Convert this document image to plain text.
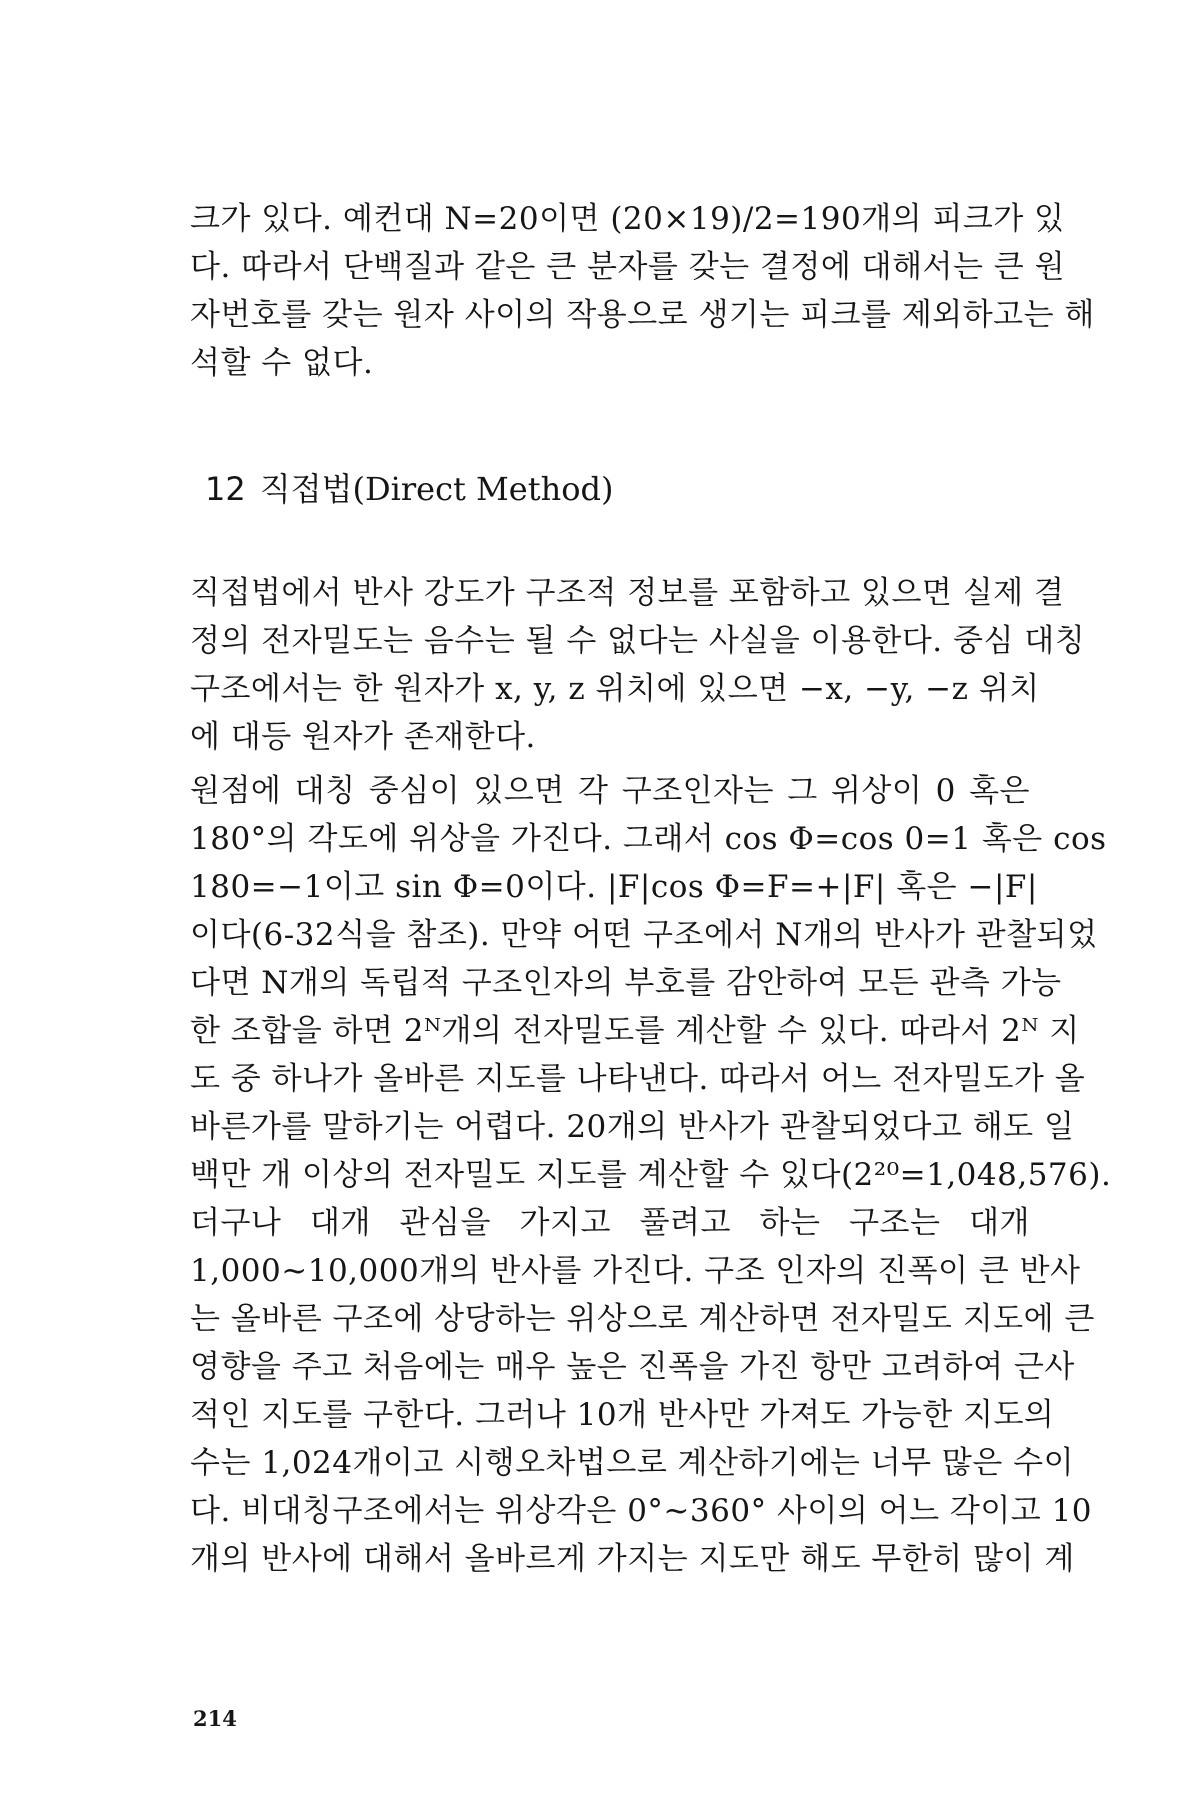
크가 있다. 예컨대 N=20이면 (20×19)/2=190개의 피크가 있
다. 따라서 단백질과 같은 큰 분자를 갖는 결정에 대해서는 큰 원
자번호를 갖는 원자 사이의 작용으로 생기는 피크를 제외하고는 해
석할 수 없다.
12 직접법(Direct Method)
직접법에서 반사 강도가 구조적 정보를 포함하고 있으면 실제 결
정의 전자밀도는 음수는 될 수 없다는 사실을 이용한다. 중심 대칭
구조에서는 한 원자가 x, y, z 위치에 있으면 −x, −y, −z 위치
에 대등 원자가 존재한다.
원점에 대칭 중심이 있으면 각 구조인자는 그 위상이 0 혹은
180°의 각도에 위상을 가진다. 그래서 cos Φ=cos 0=1 혹은 cos
180=−1이고 sin Φ=0이다. |F|cos Φ=F=+|F| 혹은 −|F|
이다(6-32식을 참조). 만약 어떤 구조에서 N개의 반사가 관찰되었
다면 N개의 독립적 구조인자의 부호를 감안하여 모든 관측 가능
한 조합을 하면 2ᴺ개의 전자밀도를 계산할 수 있다. 따라서 2ᴺ 지
도 중 하나가 올바른 지도를 나타낸다. 따라서 어느 전자밀도가 올
바른가를 말하기는 어렵다. 20개의 반사가 관찰되었다고 해도 일
백만 개 이상의 전자밀도 지도를 계산할 수 있다(2²⁰=1,048,576).
더구나 대개 관심을 가지고 풀려고 하는 구조는 대개
1,000~10,000개의 반사를 가진다. 구조 인자의 진폭이 큰 반사
는 올바른 구조에 상당하는 위상으로 계산하면 전자밀도 지도에 큰
영향을 주고 처음에는 매우 높은 진폭을 가진 항만 고려하여 근사
적인 지도를 구한다. 그러나 10개 반사만 가져도 가능한 지도의
수는 1,024개이고 시행오차법으로 계산하기에는 너무 많은 수이
다. 비대칭구조에서는 위상각은 0°~360° 사이의 어느 각이고 10
개의 반사에 대해서 올바르게 가지는 지도만 해도 무한히 많이 계
214
